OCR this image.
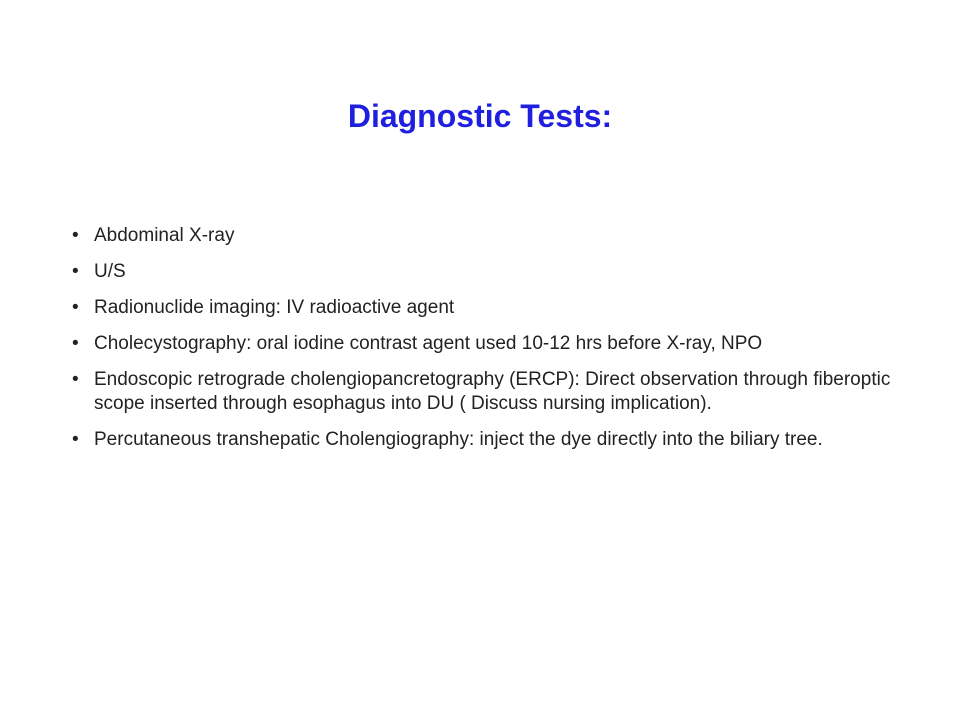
Diagnostic Tests:
• Abdominal X-ray
• U/S
• Radionuclide imaging: IV radioactive agent
• Cholecystography: oral iodine contrast agent used 10-12 hrs before X-ray, NPO
• Endoscopic retrograde cholengiopancretography (ERCP): Direct observation through fiberoptic scope inserted through esophagus into DU ( Discuss nursing implication).
• Percutaneous transhepatic Cholengiography: inject the dye directly into the biliary tree.
